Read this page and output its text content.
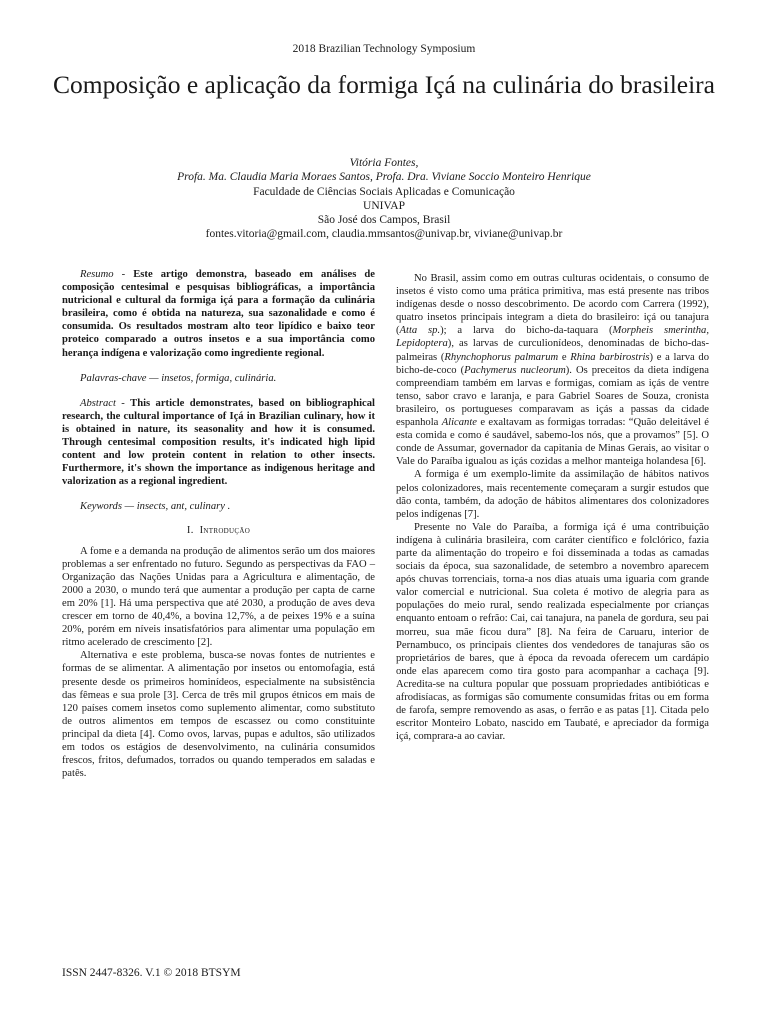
2018 Brazilian Technology Symposium
Composição e aplicação da formiga Içá na culinária do brasileira
Vitória Fontes,
Profa. Ma. Claudia Maria Moraes Santos, Profa. Dra. Viviane Soccio Monteiro Henrique
Faculdade de Ciências Sociais Aplicadas e Comunicação
UNIVAP
São José dos Campos, Brasil
fontes.vitoria@gmail.com, claudia.mmsantos@univap.br, viviane@univap.br

Resumo - Este artigo demonstra, baseado em análises de composição centesimal e pesquisas bibliográficas, a importância nutricional e cultural da formiga içá para a formação da culinária brasileira, como é obtida na natureza, sua sazonalidade e como é consumida. Os resultados mostram alto teor lipídico e baixo teor proteico comparado a outros insetos e a sua importância como herança indígena e valorização como ingrediente regional.

Palavras-chave — insetos, formiga, culinária.

Abstract - This article demonstrates, based on bibliographical research, the cultural importance of Içá in Brazilian culinary, how it is obtained in nature, its seasonality and how it is consumed. Through centesimal composition results, it's indicated high lipid content and low protein content in relation to other insects. Furthermore, it's shown the importance as indigenous heritage and valorization as a regional ingredient.

Keywords — insects, ant, culinary .

I. Introdução

A fome e a demanda na produção de alimentos serão um dos maiores problemas a ser enfrentado no futuro. Segundo as perspectivas da FAO – Organização das Nações Unidas para a Agricultura e alimentação, de 2000 a 2030, o mundo terá que aumentar a produção per capta de carne em 20% [1]. Há uma perspectiva que até 2030, a produção de aves deva crescer em torno de 40,4%, a bovina 12,7%, a de peixes 19% e a suína 20%, porém em níveis insatisfatórios para alimentar uma população em ritmo acelerado de crescimento [2].

Alternativa e este problema, busca-se novas fontes de nutrientes e formas de se alimentar. A alimentação por insetos ou entomofagia, está presente desde os primeiros hominídeos, especialmente na subsistência das fêmeas e sua prole [3]. Cerca de três mil grupos étnicos em mais de 120 países comem insetos como suplemento alimentar, como substituto de outros alimentos em tempos de escassez ou como constituinte principal da dieta [4]. Como ovos, larvas, pupas e adultos, são utilizados em todos os estágios de desenvolvimento, na culinária consumidos frescos, fritos, defumados, torrados ou quando temperados em saladas e patês.

No Brasil, assim como em outras culturas ocidentais, o consumo de insetos é visto como uma prática primitiva, mas está presente nas tribos indígenas desde o nosso descobrimento. De acordo com Carrera (1992), quatro insetos principais integram a dieta do brasileiro: içá ou tanajura (Atta sp.); a larva do bicho-da-taquara (Morpheis smerintha, Lepidoptera), as larvas de curculionídeos, denominadas de bicho-das-palmeiras (Rhynchophorus palmarum e Rhina barbirostris) e a larva do bicho-de-coco (Pachymerus nucleorum). Os preceitos da dieta indígena compreendiam também em larvas e formigas, comiam as içás de ventre tenso, sabor cravo e laranja, e para Gabriel Soares de Souza, cronista brasileiro, os portugueses comparavam as içás a passas da cidade espanhola Alicante e exaltavam as formigas torradas: “Quão deleitável é esta comida e como é saudável, sabemo-los nós, que a provamos” [5]. O conde de Assumar, governador da capitania de Minas Gerais, ao visitar o Vale do Paraíba igualou as içás cozidas a melhor manteiga holandesa [6].

A formiga é um exemplo-limite da assimilação de hábitos nativos pelos colonizadores, mais recentemente começaram a surgir estudos que dão conta, também, da adoção de hábitos alimentares dos colonizadores pelos indígenas [7].

Presente no Vale do Paraíba, a formiga içá é uma contribuição indígena à culinária brasileira, com caráter científico e folclórico, fazia parte da alimentação do tropeiro e foi disseminada a todas as camadas sociais da época, sua sazonalidade, de setembro a novembro aparecem após chuvas torrenciais, torna-a nos dias atuais uma iguaria com grande valor comercial e nutricional. Sua coleta é motivo de alegria para as populações do meio rural, sendo realizada especialmente por crianças enquanto entoam o refrão: Cai, cai tanajura, na panela de gordura, seu pai morreu, sua mãe ficou dura” [8]. Na feira de Caruaru, interior de Pernambuco, os principais clientes dos vendedores de tanajuras são os proprietários de bares, que à época da revoada oferecem um cardápio onde elas aparecem como tira gosto para acompanhar a cachaça [9]. Acredita-se na cultura popular que possuam propriedades antibióticas e afrodisíacas, as formigas são comumente consumidas fritas ou em forma de farofa, sempre removendo as asas, o ferrão e as patas [1]. Citada pelo escritor Monteiro Lobato, nascido em Taubaté, e apreciador da formiga içá, comprara-a ao caviar.

ISSN 2447-8326. V.1 © 2018 BTSYM
